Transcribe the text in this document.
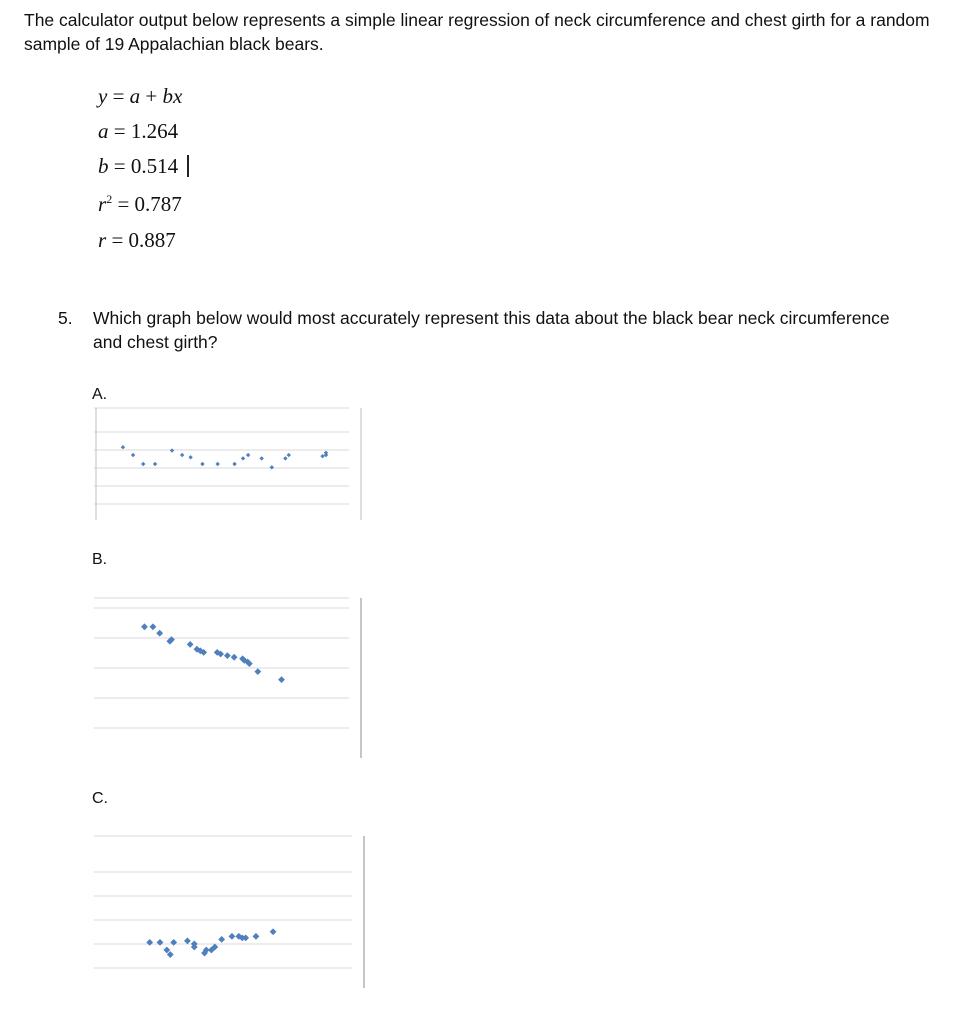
The calculator output below represents a simple linear regression of neck circumference and chest girth for a random sample of 19 Appalachian black bears.

y = a + bx
a = 1.264
b = 0.514
$r^2 = 0.787$
r = 0.887
5. Which graph below would most accurately represent this data about the black bear neck circumference and chest girth?
A.
B.
C.
